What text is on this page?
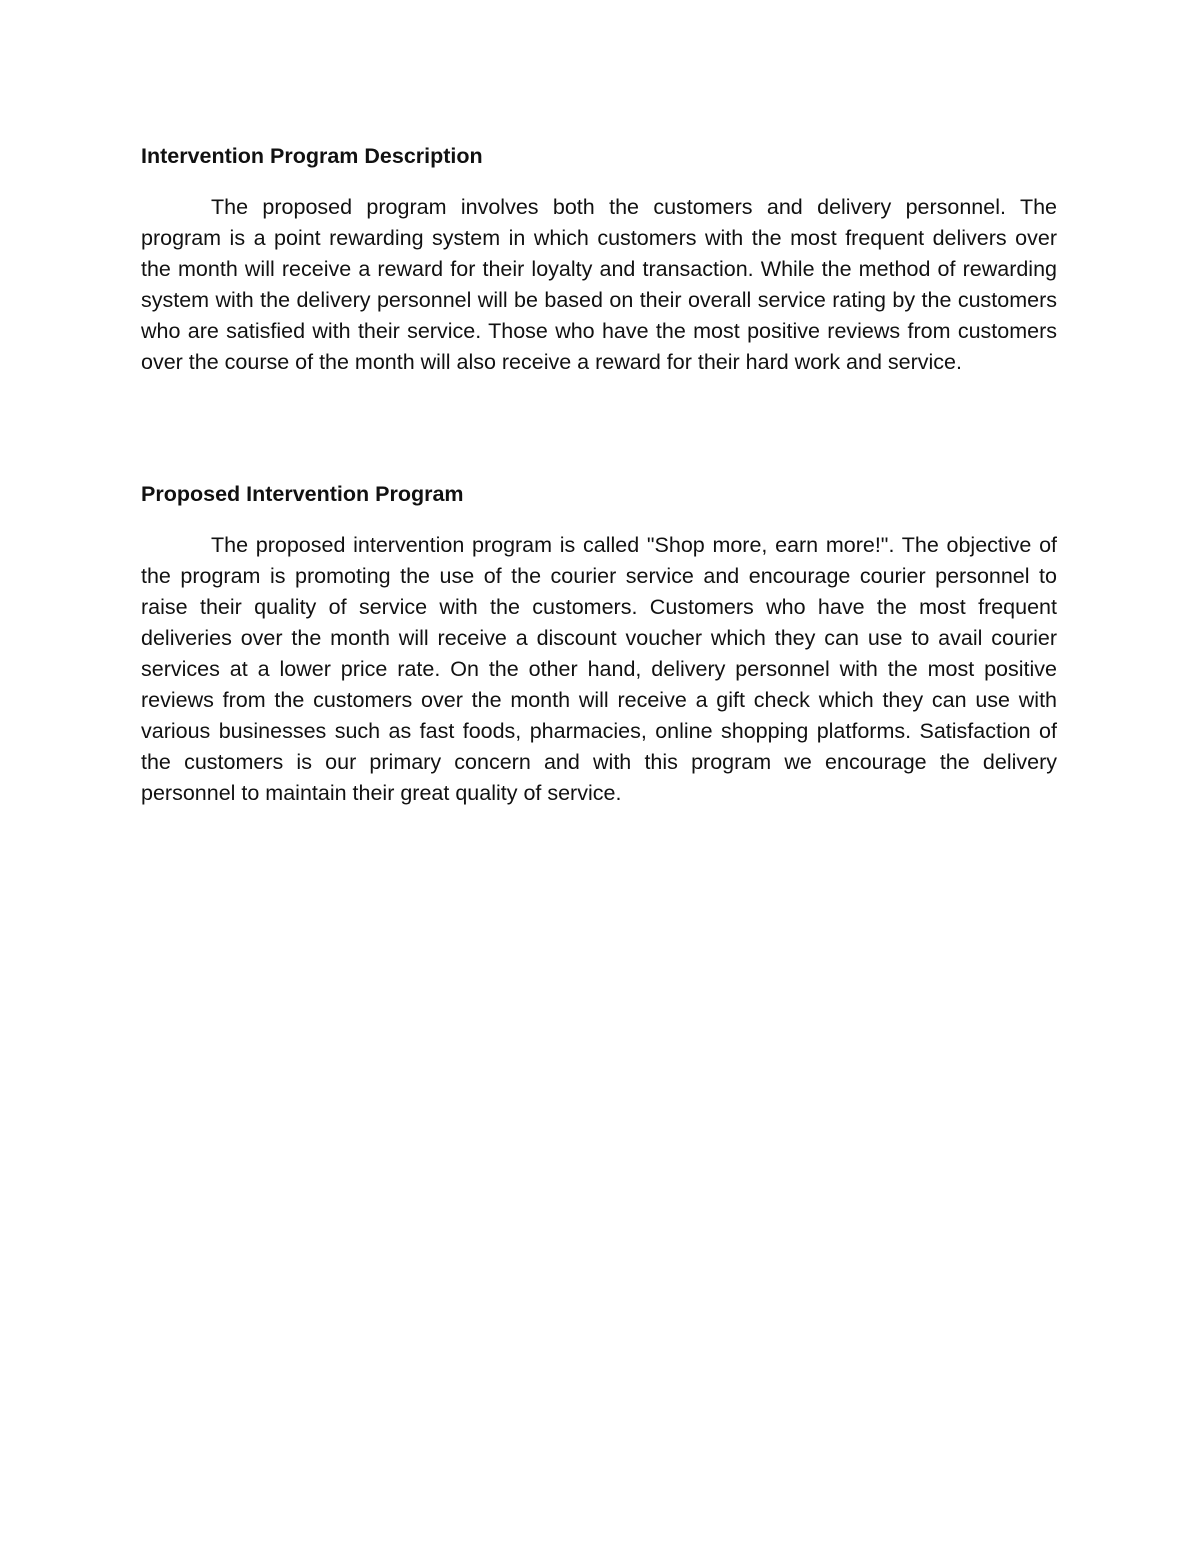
Intervention Program Description

The proposed program involves both the customers and delivery personnel. The program is a point rewarding system in which customers with the most frequent delivers over the month will receive a reward for their loyalty and transaction. While the method of rewarding system with the delivery personnel will be based on their overall service rating by the customers who are satisfied with their service. Those who have the most positive reviews from customers over the course of the month will also receive a reward for their hard work and service.

Proposed Intervention Program

The proposed intervention program is called "Shop more, earn more!". The objective of the program is promoting the use of the courier service and encourage courier personnel to raise their quality of service with the customers. Customers who have the most frequent deliveries over the month will receive a discount voucher which they can use to avail courier services at a lower price rate. On the other hand, delivery personnel with the most positive reviews from the customers over the month will receive a gift check which they can use with various businesses such as fast foods, pharmacies, online shopping platforms. Satisfaction of the customers is our primary concern and with this program we encourage the delivery personnel to maintain their great quality of service.
